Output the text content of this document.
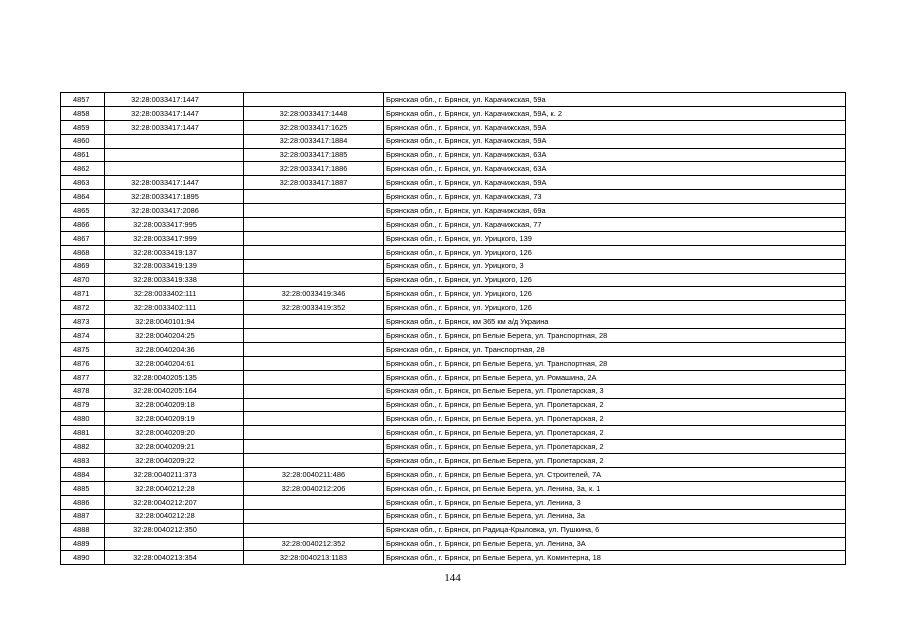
4857	32:28:0033417:1447		Брянская обл., г. Брянск, ул. Карачижская, 59а
4858	32:28:0033417:1447	32:28:0033417:1448	Брянская обл., г. Брянск, ул. Карачижская, 59А, к. 2
4859	32:28:0033417:1447	32:28:0033417:1625	Брянская обл., г. Брянск, ул. Карачижская, 59А
4860		32:28:0033417:1884	Брянская обл., г. Брянск, ул. Карачижская, 59А
4861		32:28:0033417:1885	Брянская обл., г. Брянск, ул. Карачижская, 63А
4862		32:28:0033417:1886	Брянская обл., г. Брянск, ул. Карачижская, 63А
4863	32:28:0033417:1447	32:28:0033417:1887	Брянская обл., г. Брянск, ул. Карачижская, 59А
4864	32:28:0033417:1895		Брянская обл., г. Брянск, ул. Карачижская, 73
4865	32:28:0033417:2086		Брянская обл., г. Брянск, ул. Карачижская, 69а
4866	32:28:0033417:995		Брянская обл., г. Брянск, ул. Карачижская, 77
4867	32:28:0033417:999		Брянская обл., г. Брянск, ул. Урицкого, 139
4868	32:28:0033419:137		Брянская обл., г. Брянск, ул. Урицкого, 126
4869	32:28:0033419:139		Брянская обл., г. Брянск, ул. Урицкого, 3
4870	32:28:0033419:338		Брянская обл., г. Брянск, ул. Урицкого, 126
4871	32:28:0033402:111	32:28:0033419:346	Брянская обл., г. Брянск, ул. Урицкого, 126
4872	32:28:0033402:111	32:28:0033419:352	Брянская обл., г. Брянск, ул. Урицкого, 126
4873	32:28:0040101:94		Брянская обл., г. Брянск, км 365 км а/д Украина
4874	32:28:0040204:25		Брянская обл., г. Брянск, рп Белые Берега, ул. Транспортная, 28
4875	32:28:0040204:36		Брянская обл., г. Брянск, ул. Транспортная, 28
4876	32:28:0040204:61		Брянская обл., г. Брянск, рп Белые Берега, ул. Транспортная, 28
4877	32:28:0040205:135		Брянская обл., г. Брянск, рп Белые Берега, ул. Ромашина, 2А
4878	32:28:0040205:164		Брянская обл., г. Брянск, рп Белые Берега, ул. Пролетарская, 3
4879	32:28:0040209:18		Брянская обл., г. Брянск, рп Белые Берега, ул. Пролетарская, 2
4880	32:28:0040209:19		Брянская обл., г. Брянск, рп Белые Берега, ул. Пролетарская, 2
4881	32:28:0040209:20		Брянская обл., г. Брянск, рп Белые Берега, ул. Пролетарская, 2
4882	32:28:0040209:21		Брянская обл., г. Брянск, рп Белые Берега, ул. Пролетарская, 2
4883	32:28:0040209:22		Брянская обл., г. Брянск, рп Белые Берега, ул. Пролетарская, 2
4884	32:28:0040211:373	32:28:0040211:486	Брянская обл., г. Брянск, рп Белые Берега, ул. Строителей, 7А
4885	32:28:0040212:28	32:28:0040212:206	Брянская обл., г. Брянск, рп Белые Берега, ул. Ленина, 3а, к. 1
4886	32:28:0040212:207		Брянская обл., г. Брянск, рп Белые Берега, ул. Ленина, 3
4887	32:28:0040212:28		Брянская обл., г. Брянск, рп Белые Берега, ул. Ленина, 3а
4888	32:28:0040212:350		Брянская обл., г. Брянск, рп Радица-Крыловка, ул. Пушкина, 6
4889		32:28:0040212:352	Брянская обл., г. Брянск, рп Белые Берега, ул. Ленина, 3А
4890	32:28:0040213:354	32:28:0040213:1183	Брянская обл., г. Брянск, рп Белые Берега, ул. Коминтерна, 18
144
